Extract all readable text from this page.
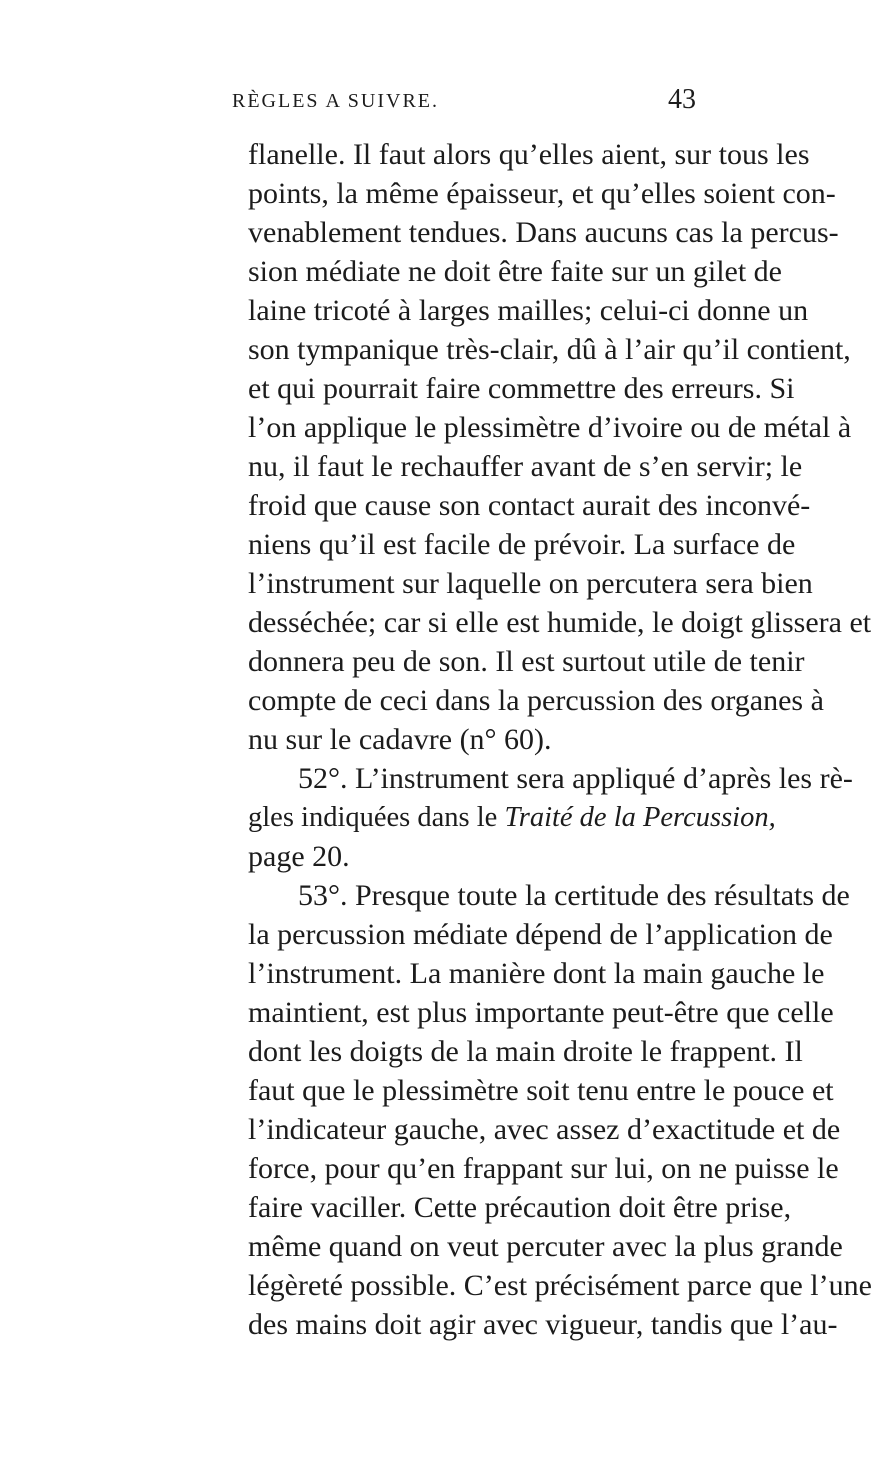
RÈGLES A SUIVRE.	43
flanelle. Il faut alors qu’elles aient, sur tous les
points, la même épaisseur, et qu’elles soient con-
venablement tendues. Dans aucuns cas la percus-
sion médiate ne doit être faite sur un gilet de
laine tricoté à larges mailles; celui-ci donne un
son tympanique très-clair, dû à l’air qu’il contient,
et qui pourrait faire commettre des erreurs. Si
l’on applique le plessimètre d’ivoire ou de métal à
nu, il faut le rechauffer avant de s’en servir; le
froid que cause son contact aurait des inconvé-
niens qu’il est facile de prévoir. La surface de
l’instrument sur laquelle on percutera sera bien
desséchée; car si elle est humide, le doigt glissera et
donnera peu de son. Il est surtout utile de tenir
compte de ceci dans la percussion des organes à
nu sur le cadavre (n° 60).
52°. L’instrument sera appliqué d’après les rè-
gles indiquées dans le Traité de la Percussion,
page 20.
53°. Presque toute la certitude des résultats de
la percussion médiate dépend de l’application de
l’instrument. La manière dont la main gauche le
maintient, est plus importante peut-être que celle
dont les doigts de la main droite le frappent. Il
faut que le plessimètre soit tenu entre le pouce et
l’indicateur gauche, avec assez d’exactitude et de
force, pour qu’en frappant sur lui, on ne puisse le
faire vaciller. Cette précaution doit être prise,
même quand on veut percuter avec la plus grande
légèreté possible. C’est précisément parce que l’une
des mains doit agir avec vigueur, tandis que l’au-
